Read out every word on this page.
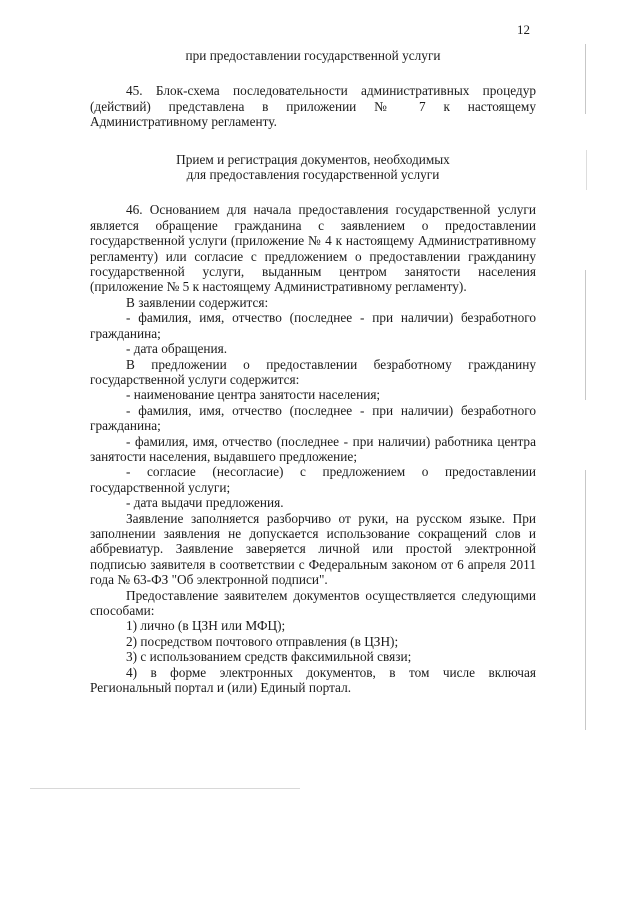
12

при предоставлении государственной услуги

45. Блок-схема последовательности административных процедур (действий) представлена в приложении № 7 к настоящему Административному регламенту.

Прием и регистрация документов, необходимых

для предоставления государственной услуги

46. Основанием для начала предоставления государственной услуги является обращение гражданина с заявлением о предоставлении государственной услуги (приложение № 4 к настоящему Административному регламенту) или согласие с предложением о предоставлении гражданину государственной услуги, выданным центром занятости населения (приложение № 5 к настоящему Административному регламенту).

В заявлении содержится:

- фамилия, имя, отчество (последнее - при наличии) безработного гражданина;

- дата обращения.

В предложении о предоставлении безработному гражданину государственной услуги содержится:

- наименование центра занятости населения;

- фамилия, имя, отчество (последнее - при наличии) безработного гражданина;

- фамилия, имя, отчество (последнее - при наличии) работника центра занятости населения, выдавшего предложение;

- согласие (несогласие) с предложением о предоставлении государственной услуги;

- дата выдачи предложения.

Заявление заполняется разборчиво от руки, на русском языке. При заполнении заявления не допускается использование сокращений слов и аббревиатур. Заявление заверяется личной или простой электронной подписью заявителя в соответствии с Федеральным законом от 6 апреля 2011 года № 63-ФЗ "Об электронной подписи".

Предоставление заявителем документов осуществляется следующими способами:

1) лично (в ЦЗН или МФЦ);

2) посредством почтового отправления (в ЦЗН);

3) с использованием средств факсимильной связи;

4) в форме электронных документов, в том числе включая Региональный портал и (или) Единый портал.
